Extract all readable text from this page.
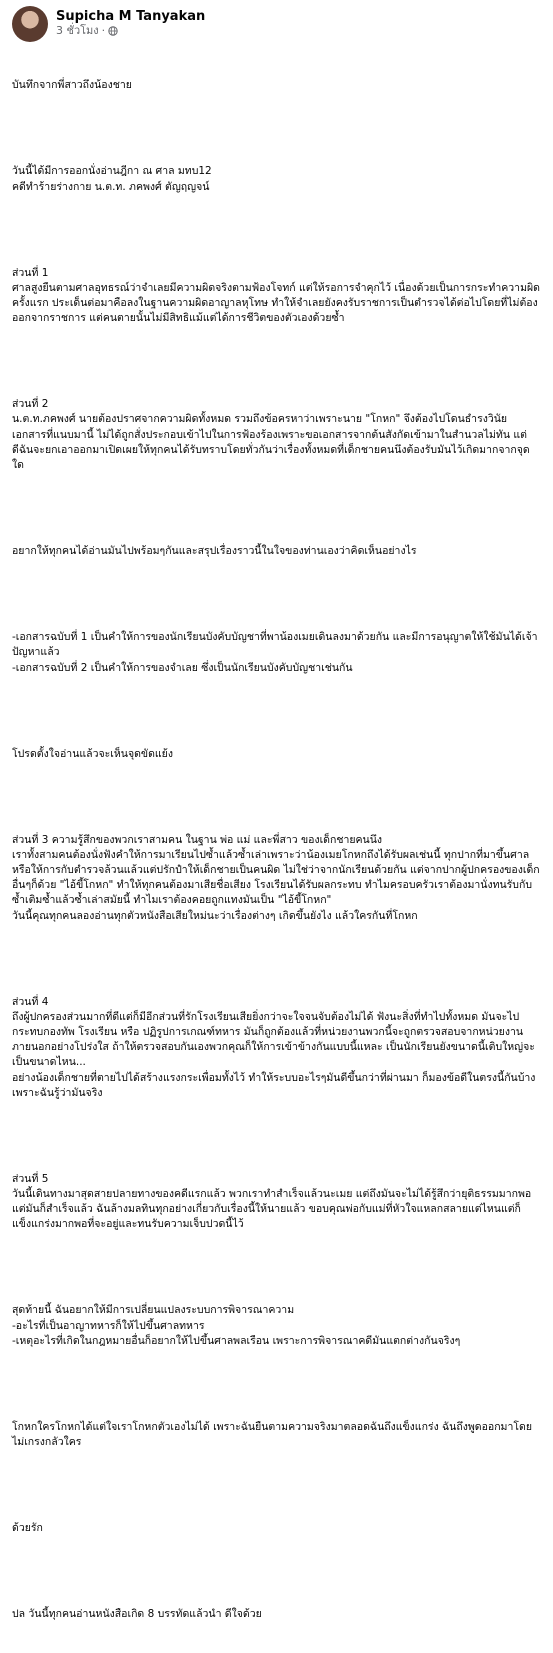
Supicha M Tanyakan
3 ชั่วโมง ·

บันทึกจากพี่สาวถึงน้องชาย

วันนี้ได้มีการออกนั่งอ่านฎีกา ณ ศาล มทบ12
คดีทำร้ายร่างกาย น.ต.ท. ภคพงศ์ ตัญฤญจน์

ส่วนที่ 1
ศาลสูงยืนตามศาลอุทธรณ์ว่าจำเลยมีความผิดจริงตามฟ้องโจทก์ แต่ให้รอการจำคุกไว้ เนื่องด้วยเป็นการกระทำความผิดครั้งแรก ประเด็นต่อมาคือลงในฐานความผิดอาญาลหุโทษ ทำให้จำเลยยังคงรับราชการเป็นตำรวจได้ต่อไปโดยที่ไม่ต้องออกจากราชการ แต่คนตายนั้นไม่มีสิทธิแม้แต่ได้การชีวิตของตัวเองด้วยซ้ำ

ส่วนที่ 2
น.ต.ท.ภคพงศ์ นายต้องปราศจากความผิดทั้งหมด รวมถึงข้อครหาว่าเพราะนาย "โกหก" จึงต้องไปโดนธำรงวินัย เอกสารที่แนบมานี้ ไม่ได้ถูกสั่งประกอบเข้าไปในการฟ้องร้องเพราะขอเอกสารจากต้นสังกัดเข้ามาในสำนวลไม่ทัน แต่ดีฉันจะยกเอาออกมาเปิดเผยให้ทุกคนได้รับทราบโดยทั่วกันว่าเรื่องทั้งหมดที่เด็กชายคนนึงต้องรับมันไว้เกิดมากจากจุดใด

อยากให้ทุกคนได้อ่านมันไปพร้อมๆกันและสรุปเรื่องราวนี้ในใจของท่านเองว่าคิดเห็นอย่างไร

-เอกสารฉบับที่ 1 เป็นคำให้การของนักเรียนบังคับบัญชาที่พาน้องเมยเดินลงมาด้วยกัน และมีการอนุญาตให้ใช้มันได้เจ้าปัญหาแล้ว
-เอกสารฉบับที่ 2 เป็นคำให้การของจำเลย ซึ่งเป็นนักเรียนบังคับบัญชาเช่นกัน

โปรดตั้งใจอ่านแล้วจะเห็นจุดขัดแย้ง

ส่วนที่ 3 ความรู้สึกของพวกเราสามคน ในฐาน พ่อ แม่ และพี่สาว ของเด็กชายคนนึง
เราทั้งสามคนต้องนั่งฟังคำให้การมาเรียนไปซ้ำแล้วซ้ำเล่าเพราะว่าน้องเมยโกหกถึงได้รับผลเช่นนี้ ทุกปากที่มาขึ้นศาลหรือให้การกับตำรวจล้วนแล้วแต่ปรักปำให้เด็กชายเป็นคนผิด ไม่ใช่ว่าจากนักเรียนด้วยกัน แต่จากปากผู้ปกครองของเด็กอื่นๆก็ด้วย "ไอ้ขี้โกหก" ทำให้ทุกคนต้องมาเสียชื่อเสียง โรงเรียนได้รับผลกระทบ ทำไมครอบครัวเราต้องมานั่งทนรับกับซ้ำเติมซ้ำแล้วซ้ำเล่าสมัยนี้ ทำไมเราต้องคอยถูกแทงมันเป็น "ไอ้ขี้โกหก"
วันนี้คุณทุกคนลองอ่านทุกตัวหนังสือเสียใหม่นะว่าเรื่องต่างๆ เกิดขึ้นยังไง แล้วใครกันที่โกหก

ส่วนที่ 4
ถึงผู้ปกครองส่วนมากที่ดีแต่ก็มีอีกส่วนที่รักโรงเรียนเสียยิ่งกว่าจะใจจนจับต้องไม่ได้ ฟังนะสิ่งที่ทำไปทั้งหมด มันจะไปกระทบกองทัพ โรงเรียน หรือ ปฏิรูปการเกณฑ์ทหาร มันก็ถูกต้องแล้วที่หน่วยงานพวกนี้จะถูกตรวจสอบจากหน่วยงานภายนอกอย่างโปร่งใส ถ้าให้ตรวจสอบกันเองพวกคุณก็ให้การเข้าข้างกันแบบนี้แหละ เป็นนักเรียนยังขนาดนี้เติบใหญ่จะเป็นขนาดไหน...
อย่างน้องเด็กชายที่ตายไปได้สร้างแรงกระเพื่อมทั้งไว้ ทำให้ระบบอะไรๆมันดีขึ้นกว่าที่ผ่านมา ก็มองข้อดีในตรงนี้กันบ้าง เพราะฉันรู้ว่ามันจริง

ส่วนที่ 5
วันนี้เดินทางมาสุดสายปลายทางของคดีแรกแล้ว พวกเราทำสำเร็จแล้วนะเมย แต่ถึงมันจะไม่ได้รู้สึกว่ายุติธรรมมากพอแต่มันก็สำเร็จแล้ว ฉันล้างมลทินทุกอย่างเกี่ยวกับเรื่องนี้ให้นายแล้ว ขอบคุณพ่อกับแม่ที่หัวใจแหลกสลายแต่ไหนแต่ก็แข็งแกร่งมากพอที่จะอยู่และทนรับความเจ็บปวดนี้ไว้

สุดท้ายนี้ ฉันอยากให้มีการเปลี่ยนแปลงระบบการพิจารณาความ
-อะไรที่เป็นอาญาทหารก็ให้ไปขึ้นศาลทหาร
-เหตุอะไรที่เกิดในกฎหมายอื่นก็อยากให้ไปขึ้นศาลพลเรือน เพราะการพิจารณาคดีมันแตกต่างกันจริงๆ

โกหกใครโกหกได้แต่ใจเราโกหกตัวเองไม่ได้ เพราะฉันยืนตามความจริงมาตลอดฉันถึงแข็งแกร่ง ฉันถึงพูดออกมาโดยไม่เกรงกลัวใคร

ด้วยรัก

ปล วันนี้ทุกคนอ่านหนังสือเกิด 8 บรรทัดแล้วนำ ดีใจด้วย
